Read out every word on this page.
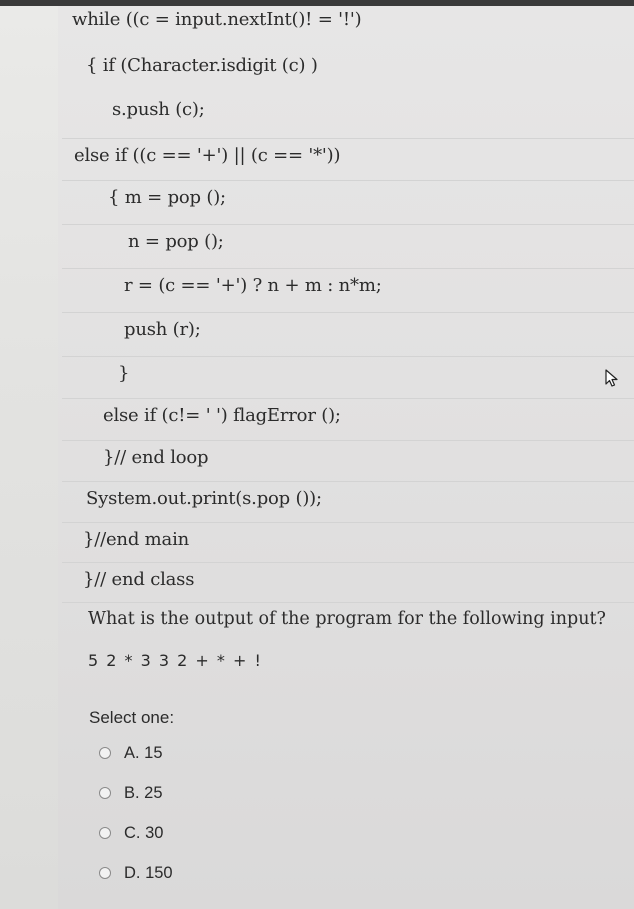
while ((c = input.nextInt()! = '!')
{ if (Character.isdigit (c) )
s.push (c);
else if ((c == '+') || (c == '*'))
{ m = pop ();
n = pop ();
r = (c == '+') ? n + m : n*m;
push (r);
}
else if (c!= ' ') flagError ();
}// end loop
System.out.print(s.pop ());
}//end main
}// end class
What is the output of the program for the following input?
5 2 * 3 3 2 + * + !
Select one:
A. 15
B. 25
C. 30
D. 150
